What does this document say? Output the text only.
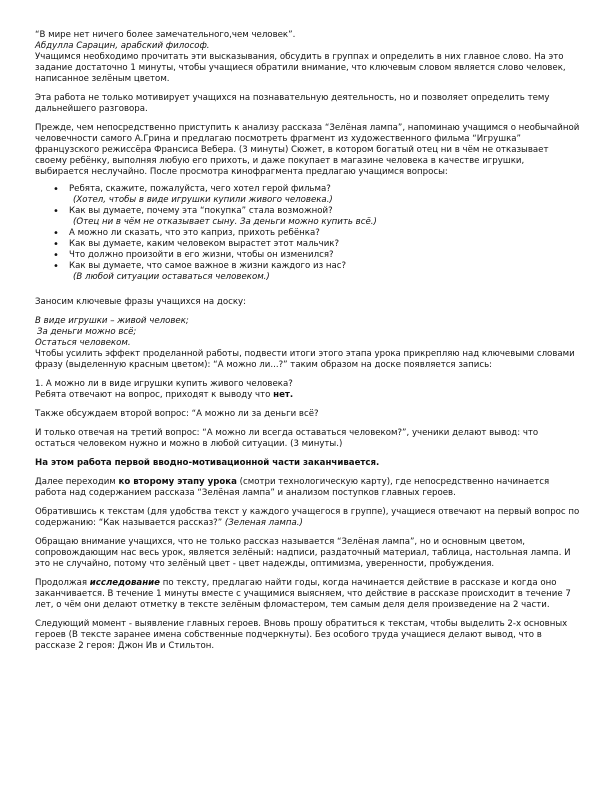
“В мире нет ничего более замечательного,чем человек”.

Абдулла Сарацин, арабский философ.

Учащимся необходимо прочитать эти высказывания, обсудить в группах и определить в них главное слово. На это задание достаточно 1 минуты, чтобы учащиеся обратили внимание, что ключевым словом является слово человек, написанное зелёным цветом.

Эта работа не только мотивирует учащихся на познавательную деятельность, но и позволяет определить тему дальнейшего разговора.

Прежде, чем непосредственно приступить к анализу рассказа “Зелёная лампа”, напоминаю учащимся о необычайной человечности самого А.Грина и предлагаю посмотреть фрагмент из художественного фильма “Игрушка” французского режиссёра Франсиса Вебера. (3 минуты) Сюжет, в котором богатый отец ни в чём не отказывает своему ребёнку, выполняя любую его прихоть, и даже покупает в магазине человека в качестве игрушки, выбирается неслучайно. После просмотра кинофрагмента предлагаю учащимся вопросы:

• Ребята, скажите, пожалуйста, чего хотел герой фильма?
(Хотел, чтобы в виде игрушки купили живого человека.)
• Как вы думаете, почему эта “покупка” стала возможной?
(Отец ни в чём не отказывает сыну. За деньги можно купить всё.)
• А можно ли сказать, что это каприз, прихоть ребёнка?
• Как вы думаете, каким человеком вырастет этот мальчик?
• Что должно произойти в его жизни, чтобы он изменился?
• Как вы думаете, что самое важное в жизни каждого из нас?
(В любой ситуации оставаться человеком.)

Заносим ключевые фразы учащихся на доску:

В виде игрушки – живой человек;

За деньги можно всё;

Остаться человеком.

Чтобы усилить эффект проделанной работы, подвести итоги этого этапа урока прикрепляю над ключевыми словами фразу (выделенную красным цветом): “А можно ли...?” таким образом на доске появляется запись:

1. А можно ли в виде игрушки купить живого человека?

Ребята отвечают на вопрос, приходят к выводу что нет.

Также обсуждаем второй вопрос: “А можно ли за деньги всё?

И только отвечая на третий вопрос: “А можно ли всегда оставаться человеком?”, ученики делают вывод: что остаться человеком нужно и можно в любой ситуации. (3 минуты.)

На этом работа первой вводно-мотивационной части заканчивается.

Далее переходим ко второму этапу урока (смотри технологическую карту), где непосредственно начинается работа над содержанием рассказа “Зелёная лампа” и анализом поступков главных героев.

Обратившись к текстам (для удобства текст у каждого учащегося в группе), учащиеся отвечают на первый вопрос по содержанию: “Как называется рассказ?” (Зеленая лампа.)

Обращаю внимание учащихся, что не только рассказ называется “Зелёная лампа”, но и основным цветом, сопровождающим нас весь урок, является зелёный: надписи, раздаточный материал, таблица, настольная лампа. И это не случайно, потому что зелёный цвет - цвет надежды, оптимизма, уверенности, пробуждения.

Продолжая исследование по тексту, предлагаю найти годы, когда начинается действие в рассказе и когда оно заканчивается. В течение 1 минуты вместе с учащимися выясняем, что действие в рассказе происходит в течение 7 лет, о чём они делают отметку в тексте зелёным фломастером, тем самым деля деля произведение на 2 части.

Следующий момент - выявление главных героев. Вновь прошу обратиться к текстам, чтобы выделить 2-х основных героев (В тексте заранее имена собственные подчеркнуты). Без особого труда учащиеся делают вывод, что в рассказе 2 героя: Джон Ив и Стильтон.
